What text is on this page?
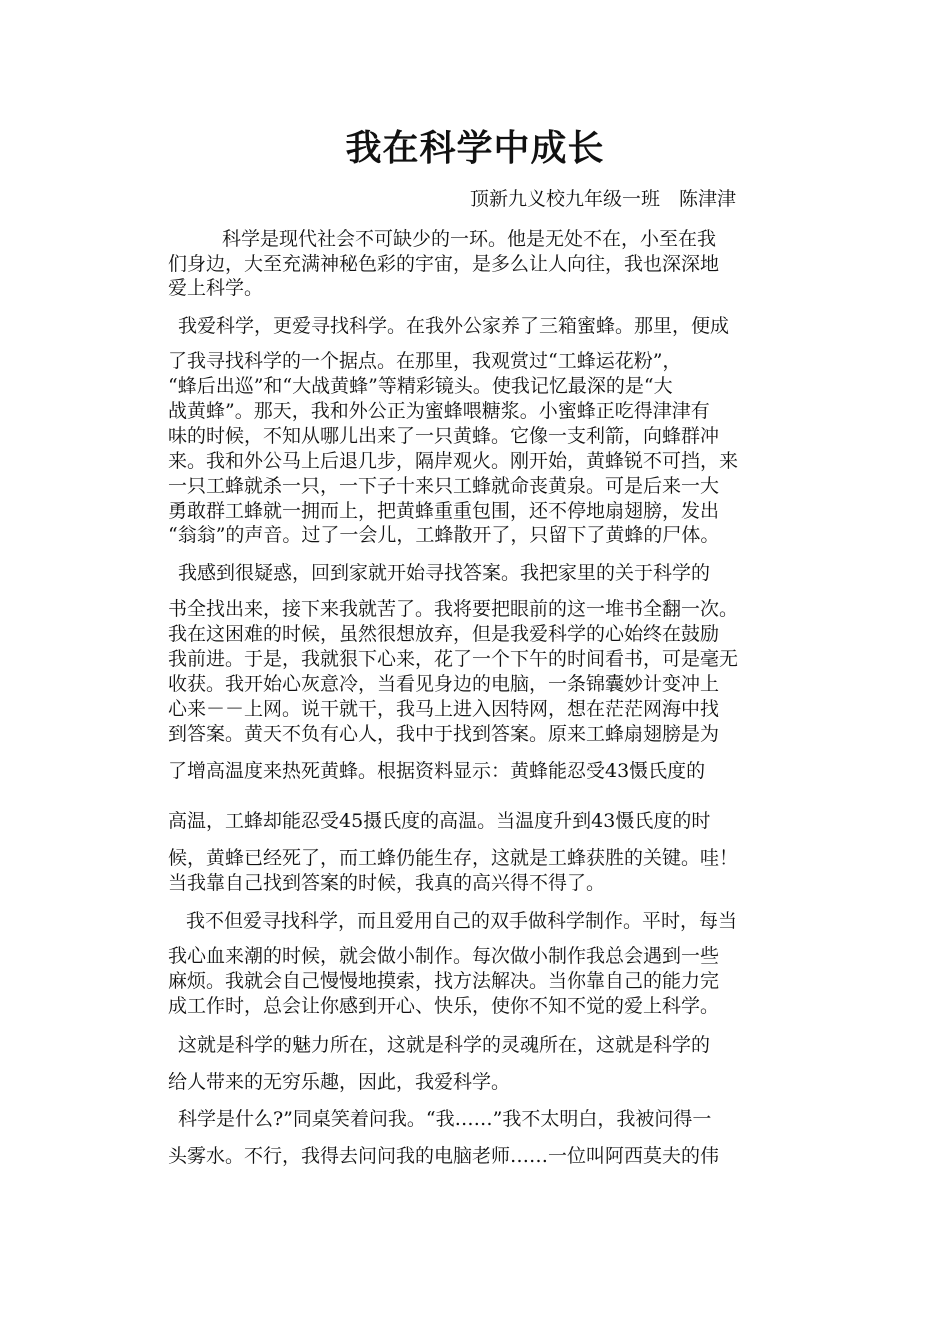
我在科学中成长
顶新九义校九年级一班　陈津津
科学是现代社会不可缺少的一环。他是无处不在，小至在我
们身边，大至充满神秘色彩的宇宙，是多么让人向往，我也深深地
爱上科学。
我爱科学，更爱寻找科学。在我外公家养了三箱蜜蜂。那里，便成
了我寻找科学的一个据点。在那里，我观赏过“工蜂运花粉”，
“蜂后出巡”和“大战黄蜂”等精彩镜头。使我记忆最深的是“大
战黄蜂”。那天，我和外公正为蜜蜂喂糖浆。小蜜蜂正吃得津津有
味的时候，不知从哪儿出来了一只黄蜂。它像一支利箭，向蜂群冲
来。我和外公马上后退几步，隔岸观火。刚开始，黄蜂锐不可挡，来
一只工蜂就杀一只，一下子十来只工蜂就命丧黄泉。可是后来一大
勇敢群工蜂就一拥而上，把黄蜂重重包围，还不停地扇翅膀，发出
“翁翁”的声音。过了一会儿，工蜂散开了，只留下了黄蜂的尸体。
我感到很疑惑，回到家就开始寻找答案。我把家里的关于科学的
书全找出来，接下来我就苦了。我将要把眼前的这一堆书全翻一次。
我在这困难的时候，虽然很想放弃，但是我爱科学的心始终在鼓励
我前进。于是，我就狠下心来，花了一个下午的时间看书，可是毫无
收获。我开始心灰意冷，当看见身边的电脑，一条锦囊妙计变冲上
心来－－上网。说干就干，我马上进入因特网，想在茫茫网海中找
到答案。黄天不负有心人，我中于找到答案。原来工蜂扇翅膀是为
了增高温度来热死黄蜂。根据资料显示：黄蜂能忍受43慑氏度的
高温，工蜂却能忍受45摄氏度的高温。当温度升到43慑氏度的时
候，黄蜂已经死了，而工蜂仍能生存，这就是工蜂获胜的关键。哇！
当我靠自己找到答案的时候，我真的高兴得不得了。
我不但爱寻找科学，而且爱用自己的双手做科学制作。平时，每当
我心血来潮的时候，就会做小制作。每次做小制作我总会遇到一些
麻烦。我就会自己慢慢地摸索，找方法解决。当你靠自己的能力完
成工作时，总会让你感到开心、快乐，使你不知不觉的爱上科学。
这就是科学的魅力所在，这就是科学的灵魂所在，这就是科学的
给人带来的无穷乐趣，因此，我爱科学。
科学是什么?”同桌笑着问我。“我……”我不太明白，我被问得一
头雾水。不行，我得去问问我的电脑老师……一位叫阿西莫夫的伟
